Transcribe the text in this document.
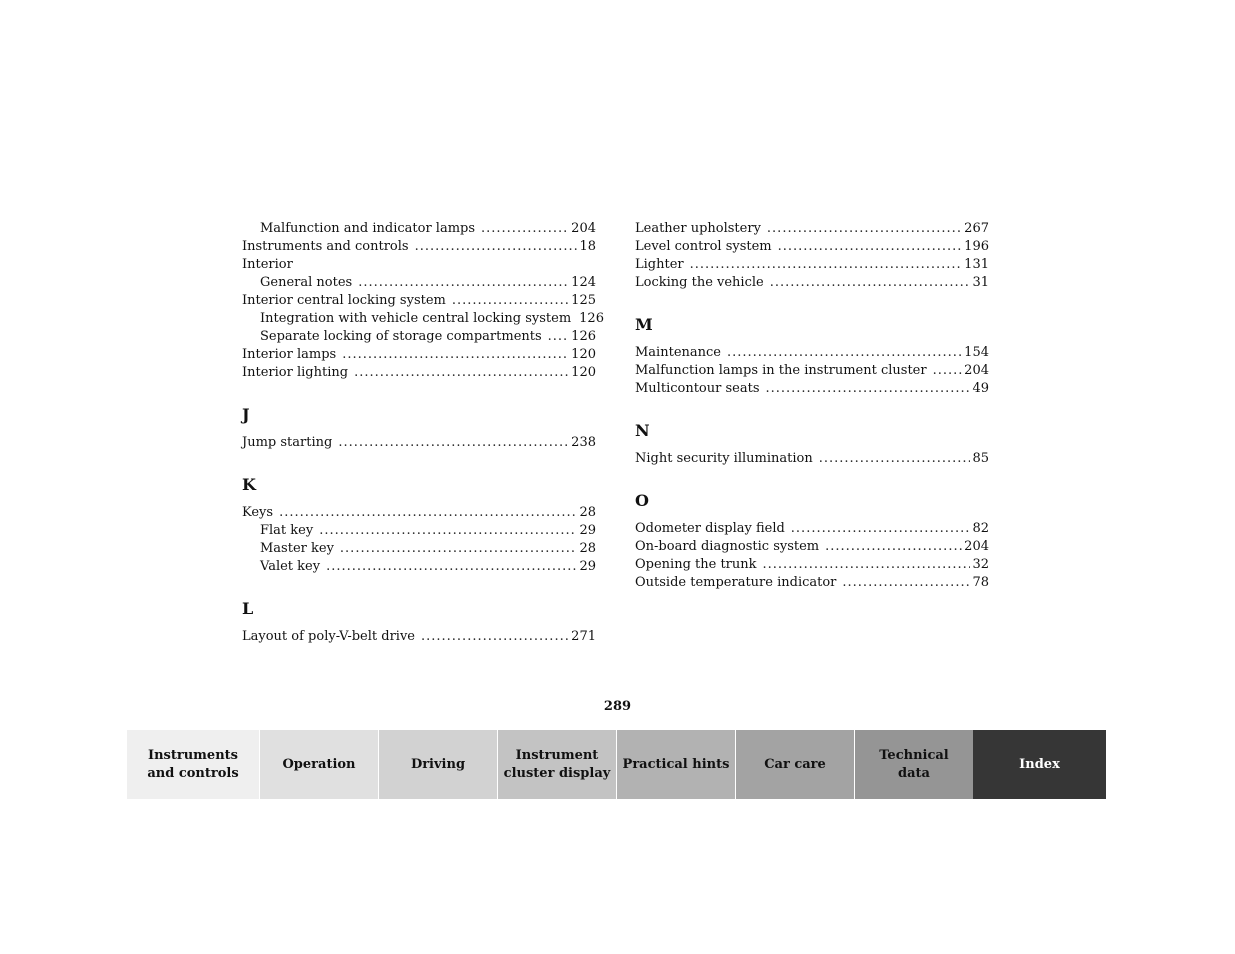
Malfunction and indicator lamps .....	204
Instruments and controls .....	18
Interior
General notes .....	124
Interior central locking system .....	125
Integration with vehicle central locking system 126
Separate locking of storage compartments ..... 126
Interior lamps .....	120
Interior lighting .....	120
J
Jump starting .....	238
K
Keys .....	28
Flat key .....	29
Master key .....	28
Valet key .....	29
L
Layout of poly-V-belt drive .....	271
Leather upholstery .....	267
Level control system .....	196
Lighter .....	131
Locking the vehicle .....	31
M
Maintenance .....	154
Malfunction lamps in the instrument cluster .....	204
Multicontour seats .....	49
N
Night security illumination .....	85
O
Odometer display field .....	82
On-board diagnostic system .....	204
Opening the trunk .....	32
Outside temperature indicator .....	78
289
Instruments
and controls
Operation	Driving
Instrument
cluster display
Practical hints	Car care
Technical
data
Index
